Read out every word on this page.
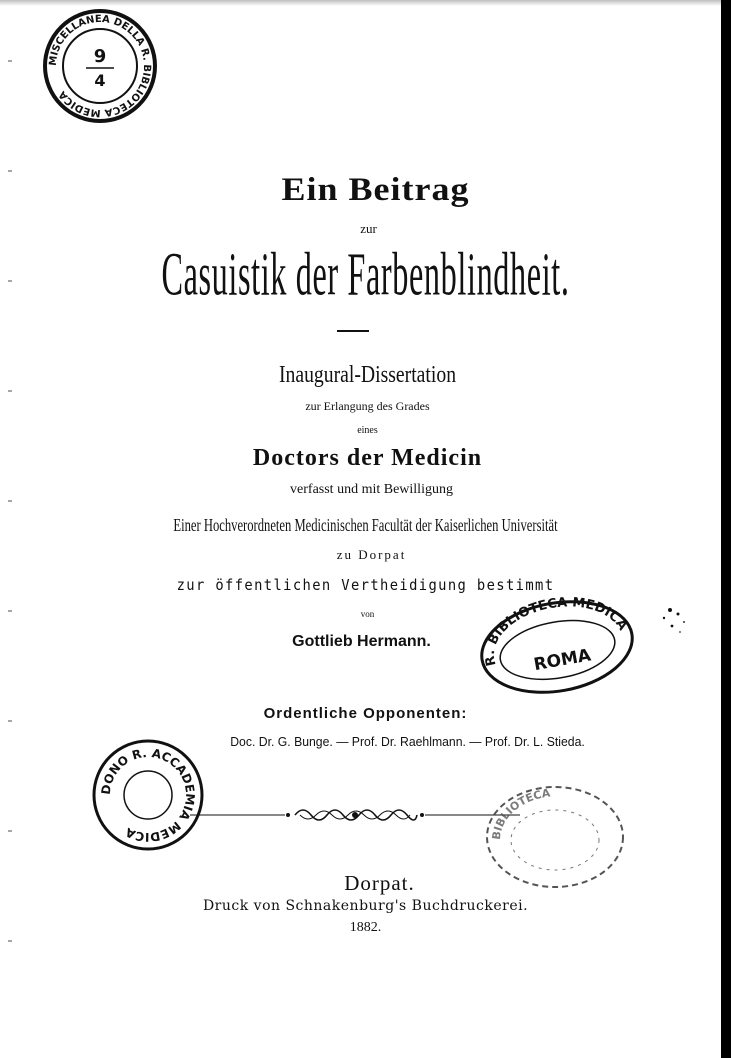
MISCELLANEA DELLA R. BIBLIOTECA MEDICA
9
4
Ein Beitrag
zur
Casuistik der Farbenblindheit.
Inaugural-Dissertation
zur Erlangung des Grades
eines
Doctors der Medicin
verfasst und mit Bewilligung
Einer Hochverordneten Medicinischen Facultät der Kaiserlichen Universität
zu Dorpat
zur öffentlichen Vertheidigung bestimmt
von
Gottlieb Hermann.
R. BIBLIOTECA MEDICA
ROMA
Ordentliche Opponenten:
Doc. Dr. G. Bunge. — Prof. Dr. Raehlmann. — Prof. Dr. L. Stieda.
DONO R. ACCADEMIA MEDICA	BIBLIOTECA
Dorpat.
Druck von Schnakenburg's Buchdruckerei.
1882.
